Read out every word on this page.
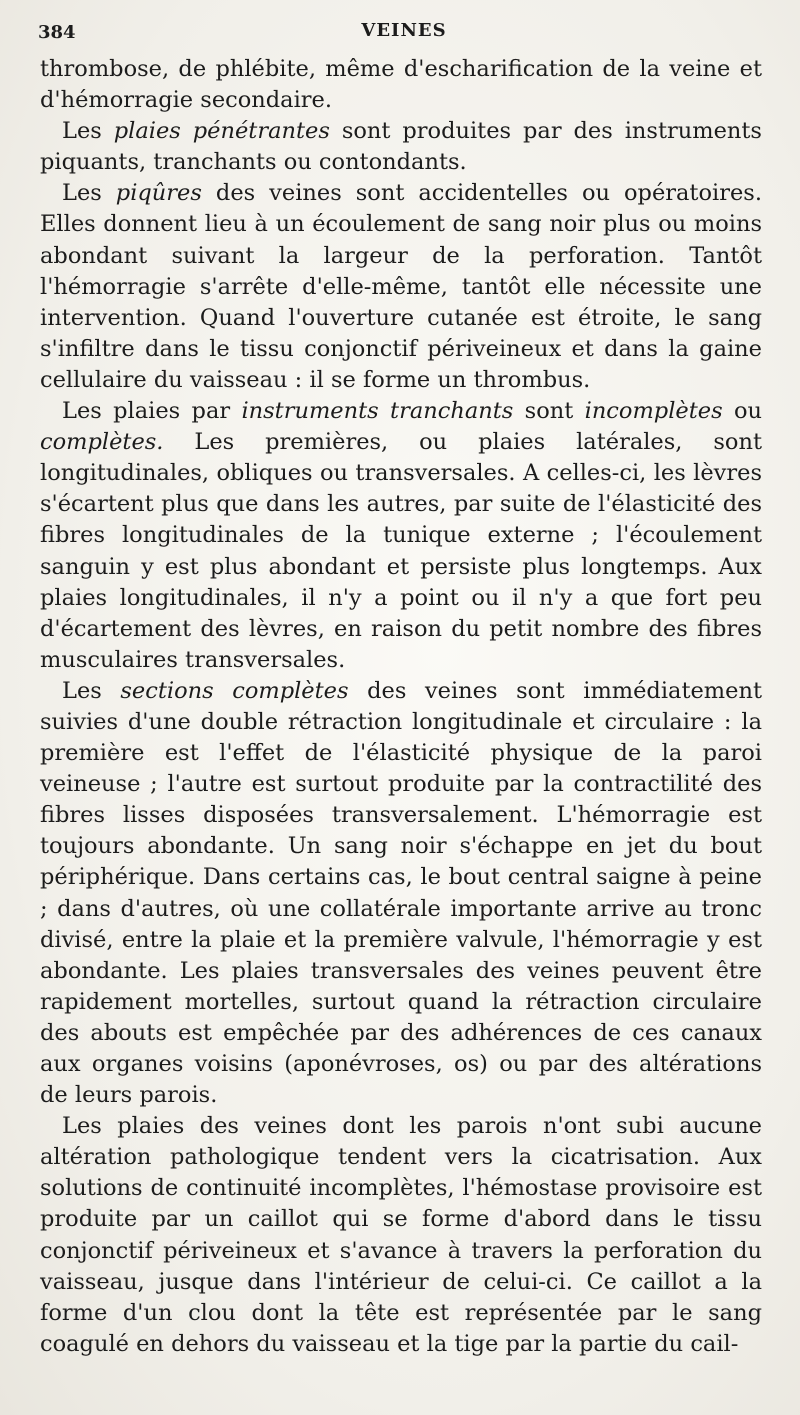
384	VEINES

thrombose, de phlébite, même d'escharification de la veine et d'hémorragie secondaire.

Les plaies pénétrantes sont produites par des instruments piquants, tranchants ou contondants.

Les piqûres des veines sont accidentelles ou opératoires. Elles donnent lieu à un écoulement de sang noir plus ou moins abondant suivant la largeur de la perforation. Tantôt l'hémorragie s'arrête d'elle-même, tantôt elle nécessite une intervention. Quand l'ouverture cutanée est étroite, le sang s'infiltre dans le tissu conjonctif périveineux et dans la gaine cellulaire du vaisseau : il se forme un thrombus.

Les plaies par instruments tranchants sont incomplètes ou complètes. Les premières, ou plaies latérales, sont longitudinales, obliques ou transversales. A celles-ci, les lèvres s'écartent plus que dans les autres, par suite de l'élasticité des fibres longitudinales de la tunique externe ; l'écoulement sanguin y est plus abondant et persiste plus longtemps. Aux plaies longitudinales, il n'y a point ou il n'y a que fort peu d'écartement des lèvres, en raison du petit nombre des fibres musculaires transversales.

Les sections complètes des veines sont immédiatement suivies d'une double rétraction longitudinale et circulaire : la première est l'effet de l'élasticité physique de la paroi veineuse ; l'autre est surtout produite par la contractilité des fibres lisses disposées transversalement. L'hémorragie est toujours abondante. Un sang noir s'échappe en jet du bout périphérique. Dans certains cas, le bout central saigne à peine ; dans d'autres, où une collatérale importante arrive au tronc divisé, entre la plaie et la première valvule, l'hémorragie y est abondante. Les plaies transversales des veines peuvent être rapidement mortelles, surtout quand la rétraction circulaire des abouts est empêchée par des adhérences de ces canaux aux organes voisins (aponévroses, os) ou par des altérations de leurs parois.

Les plaies des veines dont les parois n'ont subi aucune altération pathologique tendent vers la cicatrisation. Aux solutions de continuité incomplètes, l'hémostase provisoire est produite par un caillot qui se forme d'abord dans le tissu conjonctif périveineux et s'avance à travers la perforation du vaisseau, jusque dans l'intérieur de celui-ci. Ce caillot a la forme d'un clou dont la tête est représentée par le sang coagulé en dehors du vaisseau et la tige par la partie du cail-
